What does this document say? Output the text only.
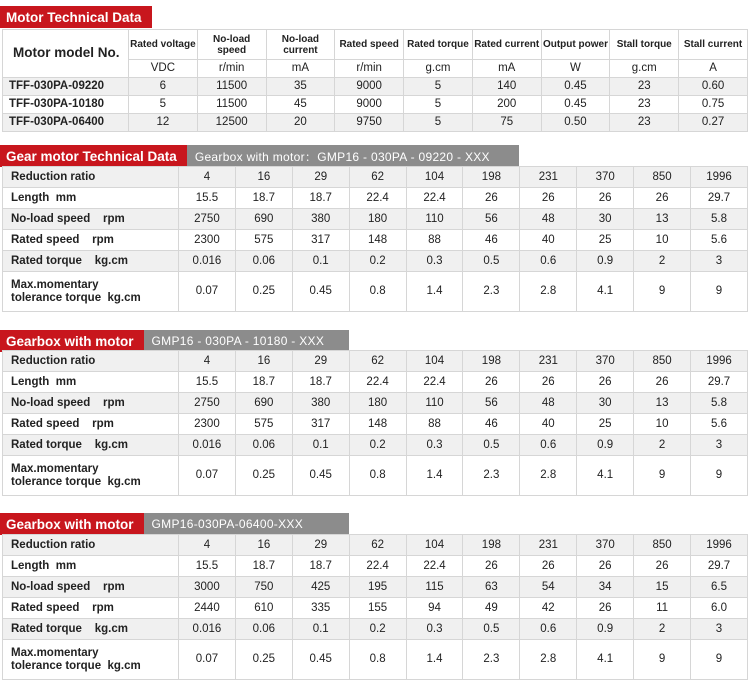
Motor Technical Data
Motor model No.	Rated voltage	No-load speed	No-load current	Rated speed	Rated torque	Rated current	Output power	Stall torque	Stall current
	VDC	r/min	mA	r/min	g.cm	mA	W	g.cm	A
TFF-030PA-09220	6	11500	35	9000	5	140	0.45	23	0.60
TFF-030PA-10180	5	11500	45	9000	5	200	0.45	23	0.75
TFF-030PA-06400	12	12500	20	9750	5	75	0.50	23	0.27
Gear motor Technical Data	Gearbox with motor：GMP16 - 030PA - 09220 - XXX
Reduction ratio	4	16	29	62	104	198	231	370	850	1996

Length  mm	15.5	18.7	18.7	22.4	22.4	26	26	26	26	29.7

No-load speed    rpm	2750	690	380	180	110	56	48	30	13	5.8

Rated speed    rpm	2300	575	317	148	88	46	40	25	10	5.6

Rated torque    kg.cm	0.016	0.06	0.1	0.2	0.3	0.5	0.6	0.9	2	3

Max.momentary
tolerance torque  kg.cm	0.07	0.25	0.45	0.8	1.4	2.3	2.8	4.1	9	9
Gearbox with motor	GMP16 - 030PA - 10180 - XXX
Reduction ratio	4	16	29	62	104	198	231	370	850	1996

Length  mm	15.5	18.7	18.7	22.4	22.4	26	26	26	26	29.7

No-load speed    rpm	2750	690	380	180	110	56	48	30	13	5.8

Rated speed    rpm	2300	575	317	148	88	46	40	25	10	5.6

Rated torque    kg.cm	0.016	0.06	0.1	0.2	0.3	0.5	0.6	0.9	2	3

Max.momentary
tolerance torque  kg.cm	0.07	0.25	0.45	0.8	1.4	2.3	2.8	4.1	9	9
Gearbox with motor	GMP16-030PA-06400-XXX
Reduction ratio	4	16	29	62	104	198	231	370	850	1996

Length  mm	15.5	18.7	18.7	22.4	22.4	26	26	26	26	29.7

No-load speed    rpm	3000	750	425	195	115	63	54	34	15	6.5

Rated speed    rpm	2440	610	335	155	94	49	42	26	11	6.0

Rated torque    kg.cm	0.016	0.06	0.1	0.2	0.3	0.5	0.6	0.9	2	3

Max.momentary
tolerance torque  kg.cm	0.07	0.25	0.45	0.8	1.4	2.3	2.8	4.1	9	9
